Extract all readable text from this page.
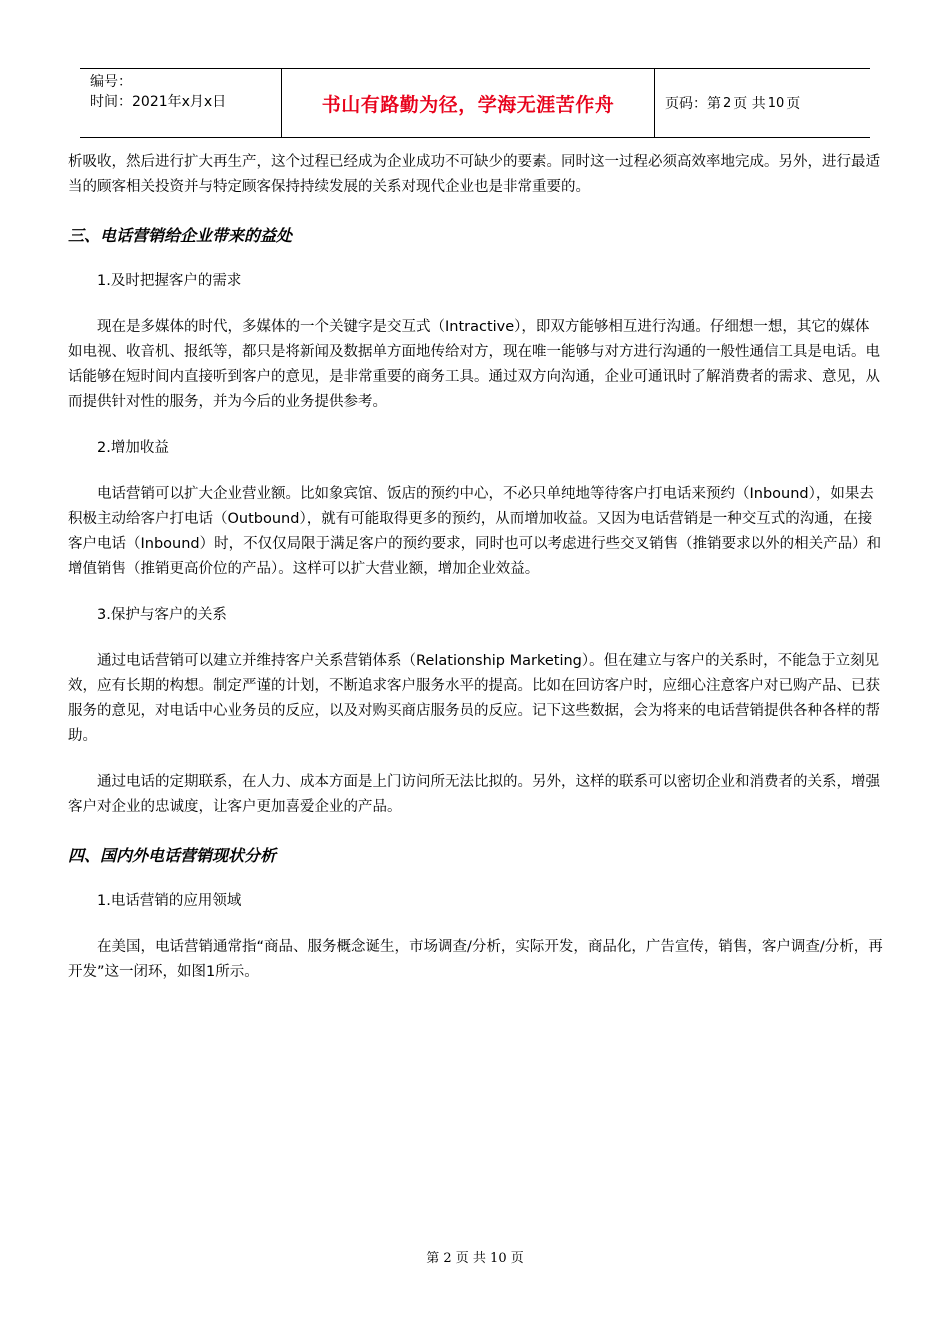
编号：
时间：2021年x月x日	书山有路勤为径，学海无涯苦作舟	页码：第 2 页 共 10 页

析吸收，然后进行扩大再生产，这个过程已经成为企业成功不可缺少的要素。同时这一过程必须高效率地完成。另外，进行最适当的顾客相关投资并与特定顾客保持持续发展的关系对现代企业也是非常重要的。

三、电话营销给企业带来的益处

1.及时把握客户的需求

现在是多媒体的时代，多媒体的一个关键字是交互式（Intractive），即双方能够相互进行沟通。仔细想一想，其它的媒体如电视、收音机、报纸等，都只是将新闻及数据单方面地传给对方，现在唯一能够与对方进行沟通的一般性通信工具是电话。电话能够在短时间内直接听到客户的意见，是非常重要的商务工具。通过双方向沟通，企业可通讯时了解消费者的需求、意见，从而提供针对性的服务，并为今后的业务提供参考。

2.增加收益

电话营销可以扩大企业营业额。比如象宾馆、饭店的预约中心，不必只单纯地等待客户打电话来预约（Inbound），如果去积极主动给客户打电话（Outbound），就有可能取得更多的预约，从而增加收益。又因为电话营销是一种交互式的沟通，在接客户电话（Inbound）时，不仅仅局限于满足客户的预约要求，同时也可以考虑进行些交叉销售（推销要求以外的相关产品）和增值销售（推销更高价位的产品）。这样可以扩大营业额，增加企业效益。

3.保护与客户的关系

通过电话营销可以建立并维持客户关系营销体系（Relationship Marketing）。但在建立与客户的关系时，不能急于立刻见效，应有长期的构想。制定严谨的计划，不断追求客户服务水平的提高。比如在回访客户时，应细心注意客户对已购产品、已获服务的意见，对电话中心业务员的反应，以及对购买商店服务员的反应。记下这些数据，会为将来的电话营销提供各种各样的帮助。

通过电话的定期联系，在人力、成本方面是上门访问所无法比拟的。另外，这样的联系可以密切企业和消费者的关系，增强客户对企业的忠诚度，让客户更加喜爱企业的产品。

四、国内外电话营销现状分析

1.电话营销的应用领域

在美国，电话营销通常指“商品、服务概念诞生，市场调查/分析，实际开发，商品化，广告宣传，销售，客户调查/分析，再开发”这一闭环，如图1所示。

第 2 页 共 10 页
